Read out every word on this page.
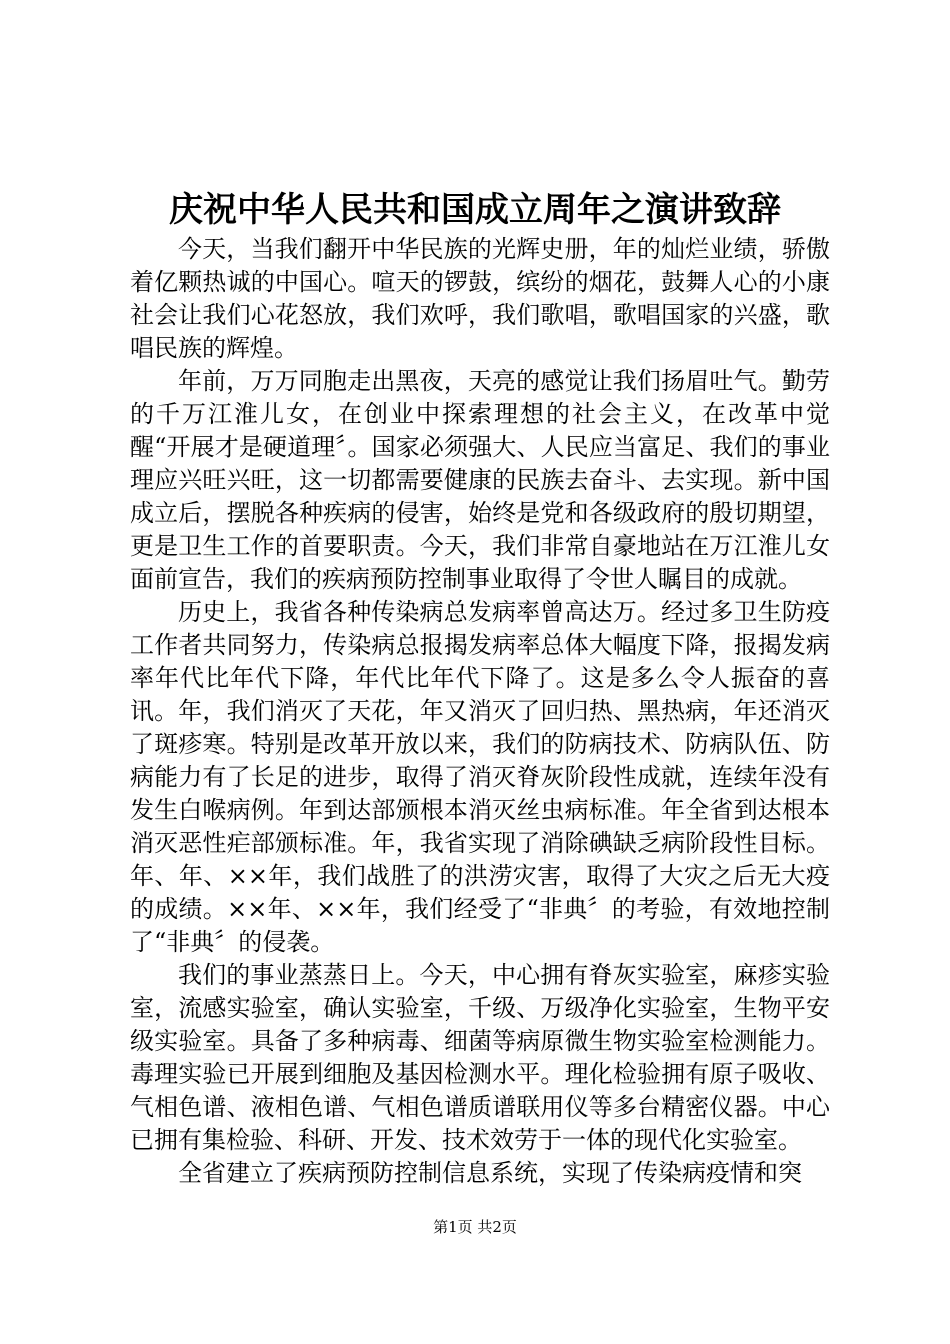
庆祝中华人民共和国成立周年之演讲致辞

今天，当我们翻开中华民族的光辉史册，年的灿烂业绩，骄傲着亿颗热诚的中国心。喧天的锣鼓，缤纷的烟花，鼓舞人心的小康社会让我们心花怒放，我们欢呼，我们歌唱，歌唱国家的兴盛，歌唱民族的辉煌。

年前，万万同胞走出黑夜，天亮的感觉让我们扬眉吐气。勤劳的千万江淮儿女，在创业中探索理想的社会主义，在改革中觉醒“开展才是硬道理〞。国家必须强大、人民应当富足、我们的事业理应兴旺兴旺，这一切都需要健康的民族去奋斗、去实现。新中国成立后，摆脱各种疾病的侵害，始终是党和各级政府的殷切期望，更是卫生工作的首要职责。今天，我们非常自豪地站在万江淮儿女面前宣告，我们的疾病预防控制事业取得了令世人瞩目的成就。

历史上，我省各种传染病总发病率曾高达万。经过多卫生防疫工作者共同努力，传染病总报揭发病率总体大幅度下降，报揭发病率年代比年代下降，年代比年代下降了。这是多么令人振奋的喜讯。年，我们消灭了天花，年又消灭了回归热、黑热病，年还消灭了斑疹寒。特别是改革开放以来，我们的防病技术、防病队伍、防病能力有了长足的进步，取得了消灭脊灰阶段性成就，连续年没有发生白喉病例。年到达部颁根本消灭丝虫病标准。年全省到达根本消灭恶性疟部颁标准。年，我省实现了消除碘缺乏病阶段性目标。年、年、××年，我们战胜了的洪涝灾害，取得了大灾之后无大疫的成绩。××年、××年，我们经受了“非典〞的考验，有效地控制了“非典〞的侵袭。

我们的事业蒸蒸日上。今天，中心拥有脊灰实验室，麻疹实验室，流感实验室，确认实验室，千级、万级净化实验室，生物平安级实验室。具备了多种病毒、细菌等病原微生物实验室检测能力。毒理实验已开展到细胞及基因检测水平。理化检验拥有原子吸收、气相色谱、液相色谱、气相色谱质谱联用仪等多台精密仪器。中心已拥有集检验、科研、开发、技术效劳于一体的现代化实验室。

全省建立了疾病预防控制信息系统，实现了传染病疫情和突

第1页 共2页
